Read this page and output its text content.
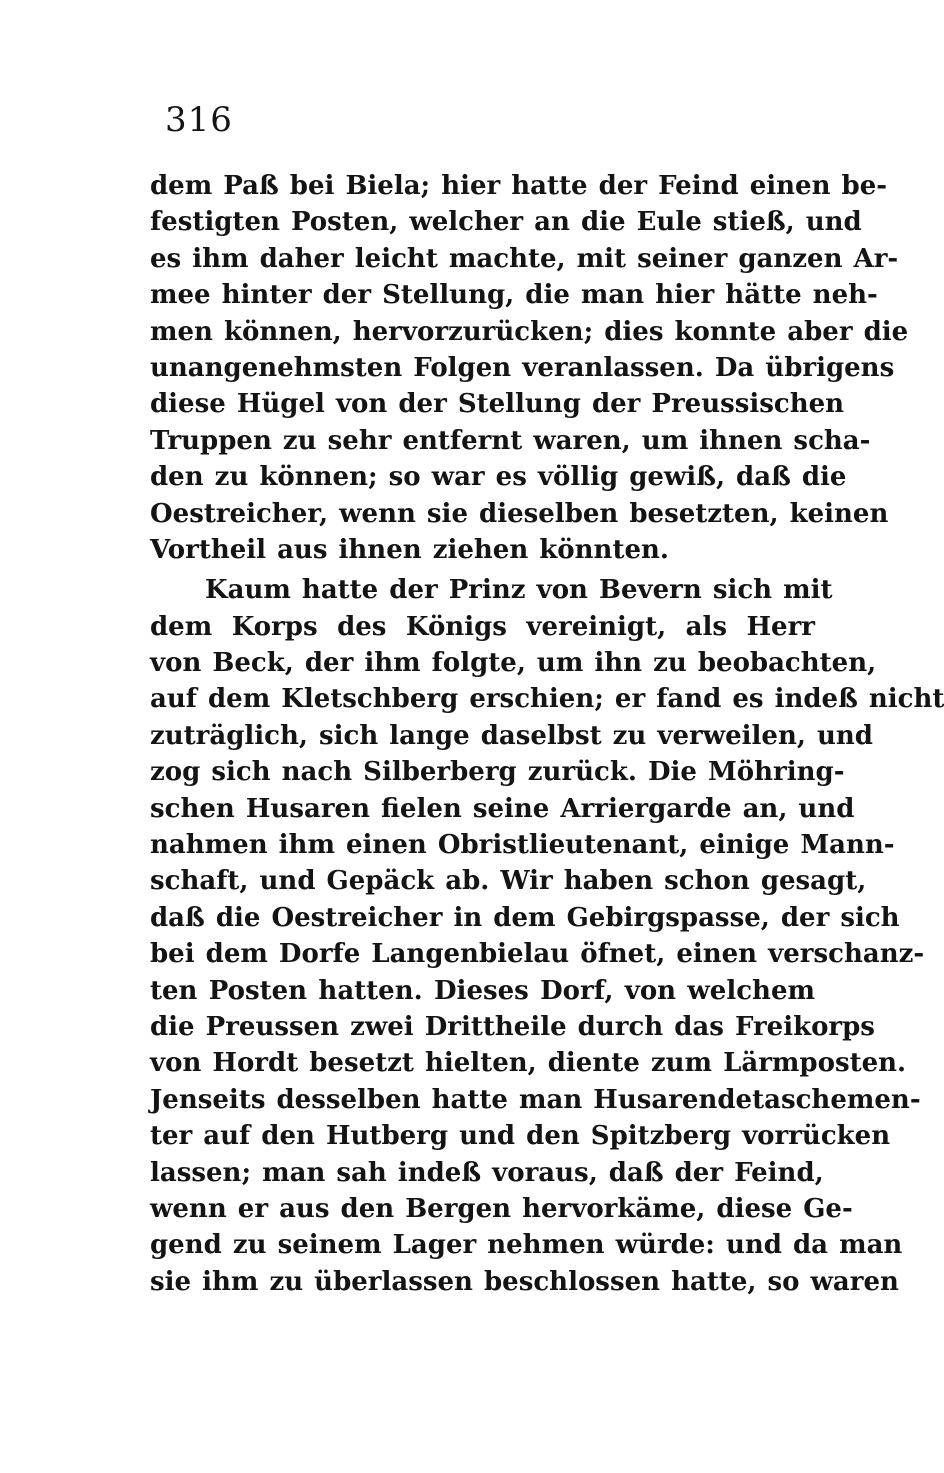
316
dem Paß bei Biela; hier hatte der Feind einen be-
festigten Posten, welcher an die Eule stieß, und
es ihm daher leicht machte, mit seiner ganzen Ar-
mee hinter der Stellung, die man hier hätte neh-
men können, hervorzurücken; dies konnte aber die
unangenehmsten Folgen veranlassen. Da übrigens
diese Hügel von der Stellung der Preussischen
Truppen zu sehr entfernt waren, um ihnen scha-
den zu können; so war es völlig gewiß, daß die
Oestreicher, wenn sie dieselben besetzten, keinen
Vortheil aus ihnen ziehen könnten.
Kaum hatte der Prinz von Bevern sich mit
dem Korps des Königs vereinigt, als Herr
von Beck, der ihm folgte, um ihn zu beobachten,
auf dem Kletschberg erschien; er fand es indeß nicht
zuträglich, sich lange daselbst zu verweilen, und
zog sich nach Silberberg zurück. Die Möhring-
schen Husaren fielen seine Arriergarde an, und
nahmen ihm einen Obristlieutenant, einige Mann-
schaft, und Gepäck ab. Wir haben schon gesagt,
daß die Oestreicher in dem Gebirgspasse, der sich
bei dem Dorfe Langenbielau öfnet, einen verschanz-
ten Posten hatten. Dieses Dorf, von welchem
die Preussen zwei Drittheile durch das Freikorps
von Hordt besetzt hielten, diente zum Lärmposten.
Jenseits desselben hatte man Husarendetaschemen-
ter auf den Hutberg und den Spitzberg vorrücken
lassen; man sah indeß voraus, daß der Feind,
wenn er aus den Bergen hervorkäme, diese Ge-
gend zu seinem Lager nehmen würde: und da man
sie ihm zu überlassen beschlossen hatte, so waren
